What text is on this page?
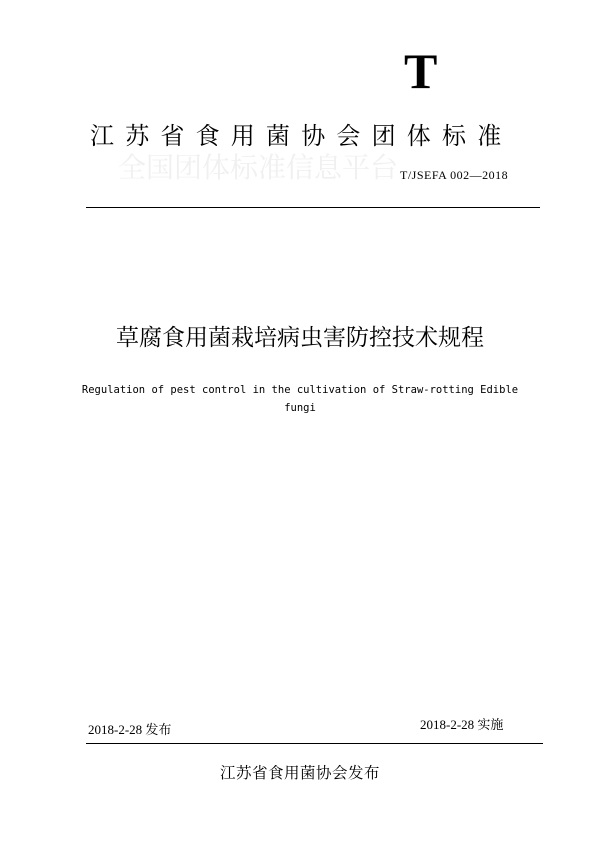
T
江苏省食用菌协会团体标准
全国团体标准信息平台 T/JSEFA 002—2018
草腐食用菌栽培病虫害防控技术规程
Regulation of pest control in the cultivation of Straw-rotting Edible
fungi
2018-2-28 发布	2018-2-28 实施
江苏省食用菌协会发布
